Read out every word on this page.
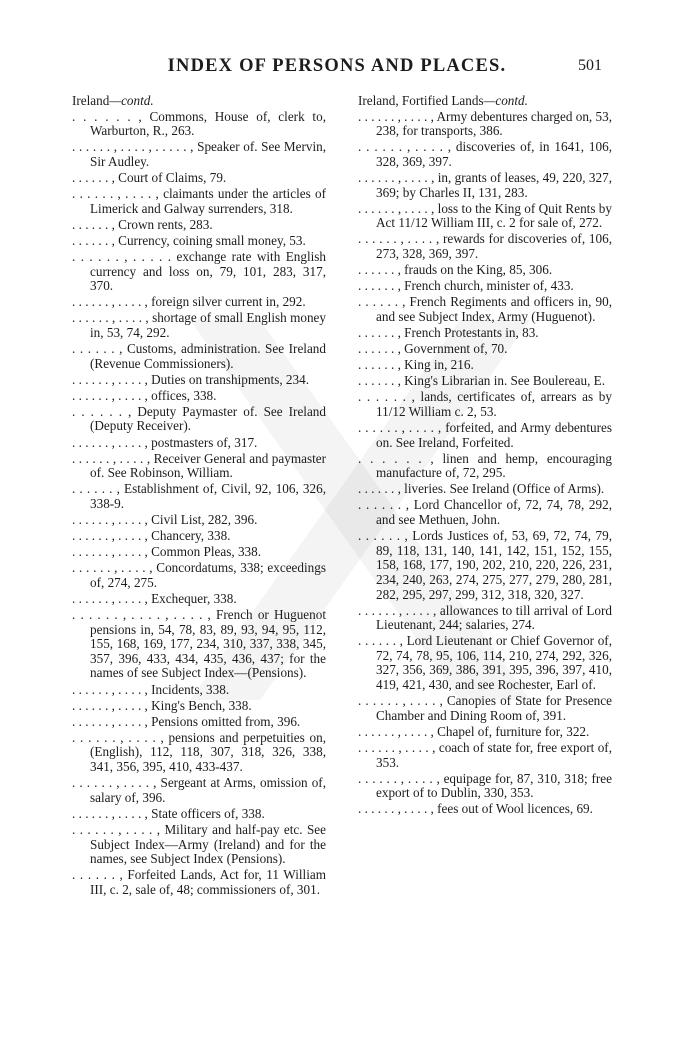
INDEX OF PERSONS AND PLACES.	501
Ireland—contd.

. . . . . . , Commons, House of, clerk to, Warburton, R., 263.

. . . . . . , . . . . , . . . . . , Speaker of. See Mervin, Sir Audley.

. . . . . . , Court of Claims, 79.

. . . . . . , . . . . , claimants under the articles of Limerick and Galway surrenders, 318.

. . . . . . , Crown rents, 283.

. . . . . . , Currency, coining small money, 53.

. . . . . . , . . . . . exchange rate with English currency and loss on, 79, 101, 283, 317, 370.

. . . . . . , . . . . , foreign silver current in, 292.

. . . . . . , . . . . , shortage of small English money in, 53, 74, 292.

. . . . . . , Customs, administration. See Ireland (Revenue Commissioners).

. . . . . . , . . . . , Duties on transhipments, 234.

. . . . . . , . . . . , offices, 338.

. . . . . . , Deputy Paymaster of. See Ireland (Deputy Receiver).

. . . . . . , . . . . , postmasters of, 317.

. . . . . . , . . . . , Receiver General and paymaster of. See Robinson, William.

. . . . . . , Establishment of, Civil, 92, 106, 326, 338-9.

. . . . . . , . . . . , Civil List, 282, 396.

. . . . . . , . . . . , Chancery, 338.

. . . . . . , . . . . , Common Pleas, 338.

. . . . . . , . . . . , Concordatums, 338; exceedings of, 274, 275.

. . . . . . , . . . . , Exchequer, 338.

. . . . . . , . . . . , . . . . , French or Huguenot pensions in, 54, 78, 83, 89, 93, 94, 95, 112, 155, 168, 169, 177, 234, 310, 337, 338, 345, 357, 396, 433, 434, 435, 436, 437; for the names of see Subject Index—(Pensions).

. . . . . . , . . . . , Incidents, 338.

. . . . . . , . . . . , King's Bench, 338.

. . . . . . , . . . . , Pensions omitted from, 396.

. . . . . . , . . . . , pensions and perpetuities on, (English), 112, 118, 307, 318, 326, 338, 341, 356, 395, 410, 433-437.

. . . . . . , . . . . , Sergeant at Arms, omission of, salary of, 396.

. . . . . . , . . . . , State officers of, 338.

. . . . . . , . . . . , Military and half-pay etc. See Subject Index—Army (Ireland) and for the names, see Subject Index (Pensions).

. . . . . . , Forfeited Lands, Act for, 11 William III, c. 2, sale of, 48; commissioners of, 301.

Ireland, Fortified Lands—contd.

. . . . . . , . . . . , Army debentures charged on, 53, 238, for transports, 386.

. . . . . . , . . . . , discoveries of, in 1641, 106, 328, 369, 397.

. . . . . . , . . . . , in, grants of leases, 49, 220, 327, 369; by Charles II, 131, 283.

. . . . . . , . . . . , loss to the King of Quit Rents by Act 11/12 William III, c. 2 for sale of, 272.

. . . . . . , . . . . , rewards for discoveries of, 106, 273, 328, 369, 397.

. . . . . . , frauds on the King, 85, 306.

. . . . . . , French church, minister of, 433.

. . . . . . , French Regiments and officers in, 90, and see Subject Index, Army (Huguenot).

. . . . . . , French Protestants in, 83.

. . . . . . , Government of, 70.

. . . . . . , King in, 216.

. . . . . . , King's Librarian in. See Boulereau, E.

. . . . . . , lands, certificates of, arrears as by 11/12 William c. 2, 53.

. . . . . . , . . . . , forfeited, and Army debentures on. See Ireland, Forfeited.

. . . . . . , linen and hemp, encouraging manufacture of, 72, 295.

. . . . . . , liveries. See Ireland (Office of Arms).

. . . . . . , Lord Chancellor of, 72, 74, 78, 292, and see Methuen, John.

. . . . . . , Lords Justices of, 53, 69, 72, 74, 79, 89, 118, 131, 140, 141, 142, 151, 152, 155, 158, 168, 177, 190, 202, 210, 220, 226, 231, 234, 240, 263, 274, 275, 277, 279, 280, 281, 282, 295, 297, 299, 312, 318, 320, 327.

. . . . . . , . . . . , allowances to till arrival of Lord Lieutenant, 244; salaries, 274.

. . . . . . , Lord Lieutenant or Chief Governor of, 72, 74, 78, 95, 106, 114, 210, 274, 292, 326, 327, 356, 369, 386, 391, 395, 396, 397, 410, 419, 421, 430, and see Rochester, Earl of.

. . . . . . , . . . . , Canopies of State for Presence Chamber and Dining Room of, 391.

. . . . . . , . . . . , Chapel of, furniture for, 322.

. . . . . . , . . . . , coach of state for, free export of, 353.

. . . . . . , . . . . , equipage for, 87, 310, 318; free export of to Dublin, 330, 353.

. . . . . . , . . . . , fees out of Wool licences, 69.
